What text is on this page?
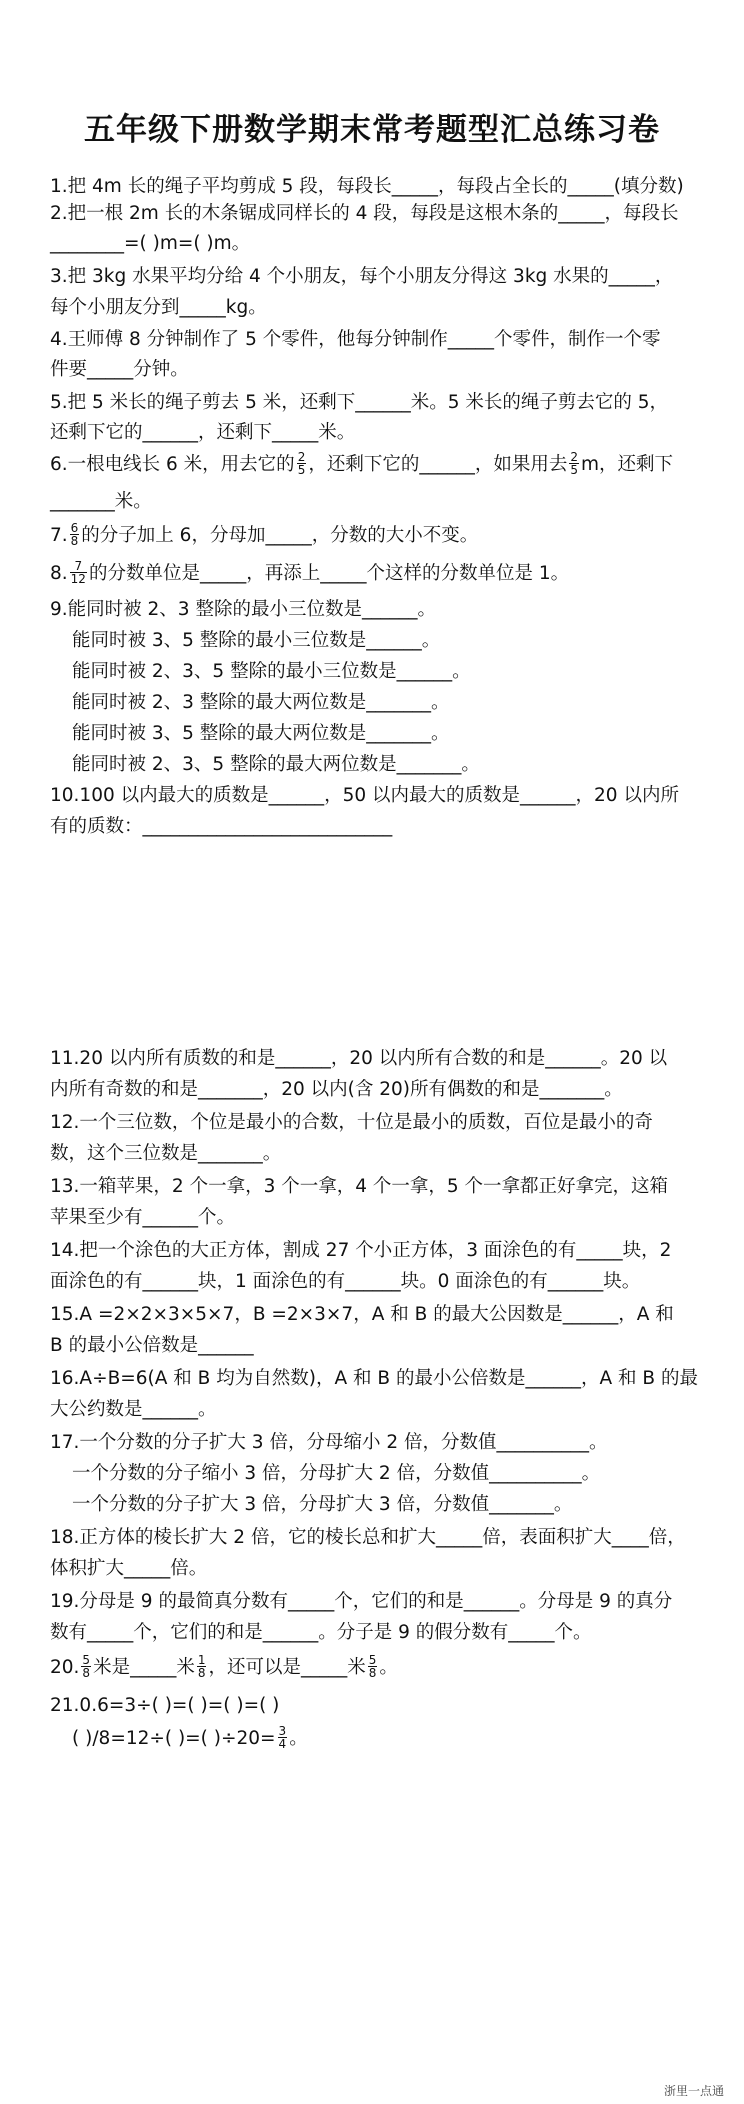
五年级下册数学期末常考题型汇总练习卷
1.把 4m 长的绳子平均剪成 5 段，每段长_____，每段占全长的_____(填分数)
2.把一根 2m 长的木条锯成同样长的 4 段，每段是这根木条的_____，每段长
________=( )m=( )m。
3.把 3kg 水果平均分给 4 个小朋友，每个小朋友分得这 3kg 水果的_____，
每个小朋友分到_____kg。
4.王师傅 8 分钟制作了 5 个零件，他每分钟制作_____个零件，制作一个零
件要_____分钟。
5.把 5 米长的绳子剪去 5 米，还剩下______米。5 米长的绳子剪去它的 5，
还剩下它的______，还剩下_____米。
6.一根电线长 6 米，用去它的 $\frac{2}{5}$ ，还剩下它的______，如果用去 $\frac{2}{5}$ m，还剩下
_______米。
7. $\frac{6}{8}$ 的分子加上 6，分母加_____，分数的大小不变。
8. $\frac{7}{12}$ 的分数单位是_____，再添上_____个这样的分数单位是 1。
9.能同时被 2、3 整除的最小三位数是______。
能同时被 3、5 整除的最小三位数是______。
能同时被 2、3、5 整除的最小三位数是______。
能同时被 2、3 整除的最大两位数是_______。
能同时被 3、5 整除的最大两位数是_______。
能同时被 2、3、5 整除的最大两位数是_______。
10.100 以内最大的质数是______，50 以内最大的质数是______，20 以内所
有的质数：___________________________
11.20 以内所有质数的和是______，20 以内所有合数的和是______。20 以
内所有奇数的和是_______，20 以内(含 20)所有偶数的和是_______。
12.一个三位数，个位是最小的合数，十位是最小的质数，百位是最小的奇
数，这个三位数是_______。
13.一箱苹果，2 个一拿，3 个一拿，4 个一拿，5 个一拿都正好拿完，这箱
苹果至少有______个。
14.把一个涂色的大正方体，割成 27 个小正方体，3 面涂色的有_____块，2
面涂色的有______块，1 面涂色的有______块。0 面涂色的有______块。
15.A =2×2×3×5×7，B =2×3×7，A 和 B 的最大公因数是______，A 和
B 的最小公倍数是______
16.A÷B=6(A 和 B 均为自然数)，A 和 B 的最小公倍数是______，A 和 B 的最
大公约数是______。
17.一个分数的分子扩大 3 倍，分母缩小 2 倍，分数值__________。
一个分数的分子缩小 3 倍，分母扩大 2 倍，分数值__________。
一个分数的分子扩大 3 倍，分母扩大 3 倍，分数值_______。
18.正方体的棱长扩大 2 倍，它的棱长总和扩大_____倍，表面积扩大____倍，
体积扩大_____倍。
19.分母是 9 的最简真分数有_____个，它们的和是______。分母是 9 的真分
数有_____个，它们的和是______。分子是 9 的假分数有_____个。
20. $\frac{5}{8}$ 米是_____米 $\frac{1}{8}$ ，还可以是_____米 $\frac{5}{8}$ 。
21.0.6=3÷( )=( )=( )=( )
( )/8=12÷( )=( )$\div 20= \frac{3}{4}$ 。
浙里一点通
